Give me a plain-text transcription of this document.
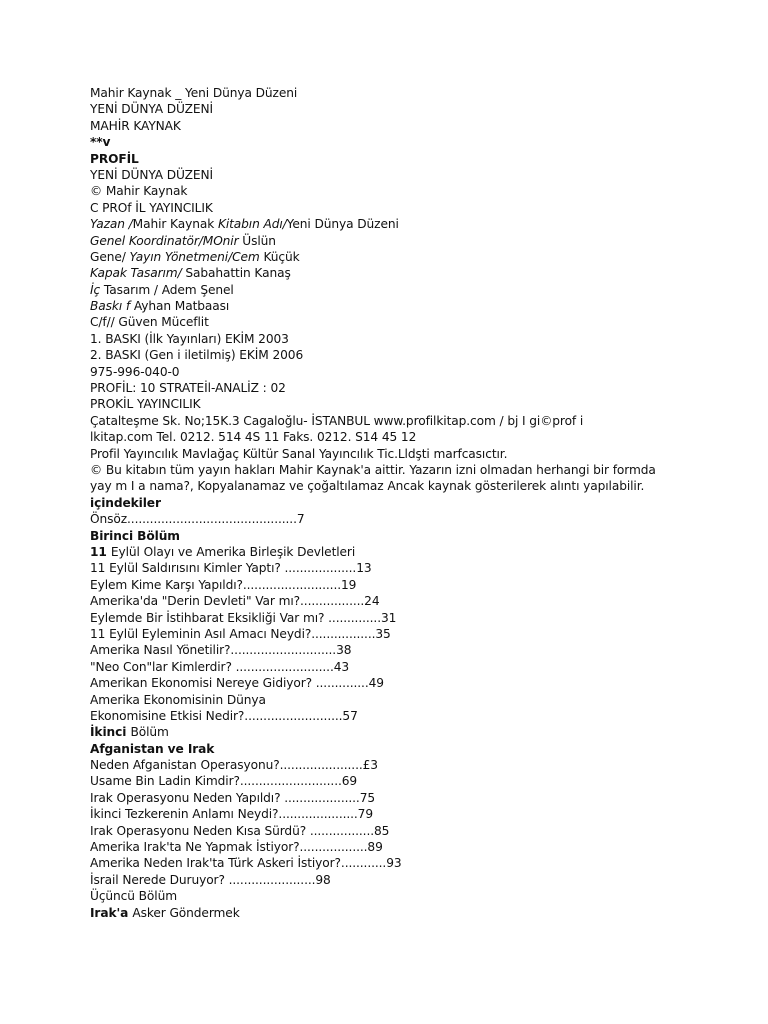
Mahir Kaynak _ Yeni Dünya Düzeni
YENİ DÜNYA DÜZENİ
MAHİR KAYNAK
**v
PROFİL
YENİ DÜNYA DÜZENİ
© Mahir Kaynak
C PROf İL YAYINCILIK
Yazan /Mahir Kaynak Kitabın Adı/Yeni Dünya Düzeni
Genel Koordinatör/MOnir Üslün
Gene/ Yayın Yönetmeni/Cem Küçük
Kapak Tasarım/ Sabahattin Kanaş
İç Tasarım / Adem Şenel
Baskı f Ayhan Matbaası
C/f// Güven Müceflit
1. BASKI (İlk Yayınları) EKİM 2003
2. BASKI (Gen i iletilmiş) EKİM 2006
975-996-040-0
PROFİL: 10 STRATEİl-ANALİZ : 02
PROKİL YAYINCILIK
Çatalteşme Sk. No;15K.3 Cagaloğlu- İSTANBUL www.profilkitap.com / bj I gi©prof i lkitap.com Tel. 0212. 514 4S 11 Faks. 0212. S14 45 12
Profil Yayıncılık Mavlağaç Kültür Sanal Yayıncılık Tic.Lldşti marfcasıctır.
© Bu kitabın tüm yayın hakları Mahir Kaynak'a aittir. Yazarın izni olmadan herhangi bir formda yay m I a nama?, Kopyalanamaz ve çoğaltılamaz Ancak kaynak gösterilerek alıntı yapılabilir.
içindekiler
Önsöz.............................................7
Birinci Bölüm
11 Eylül Olayı ve Amerika Birleşik Devletleri
11 Eylül Saldırısını Kimler Yaptı? ...................13
Eylem Kime Karşı Yapıldı?..........................19
Amerika'da "Derin Devleti" Var mı?.................24
Eylemde Bir İstihbarat Eksikliği Var mı? ..............31
11 Eylül Eyleminin Asıl Amacı Neydi?.................35
Amerika Nasıl Yönetilir?............................38
"Neo Con"lar Kimlerdir? ..........................43
Amerikan Ekonomisi Nereye Gidiyor? ..............49
Amerika Ekonomisinin Dünya
Ekonomisine Etkisi Nedir?..........................57
İkinci Bölüm
Afganistan ve Irak
Neden Afganistan Operasyonu?......................£3
Usame Bin Ladin Kimdir?...........................69
Irak Operasyonu Neden Yapıldı? ....................75
İkinci Tezkerenin Anlamı Neydi?.....................79
Irak Operasyonu Neden Kısa Sürdü? .................85
Amerika Irak'ta Ne Yapmak İstiyor?..................89
Amerika Neden Irak'ta Türk Askeri İstiyor?............93
İsrail Nerede Duruyor? .......................98
Üçüncü Bölüm
Irak'a Asker Göndermek
